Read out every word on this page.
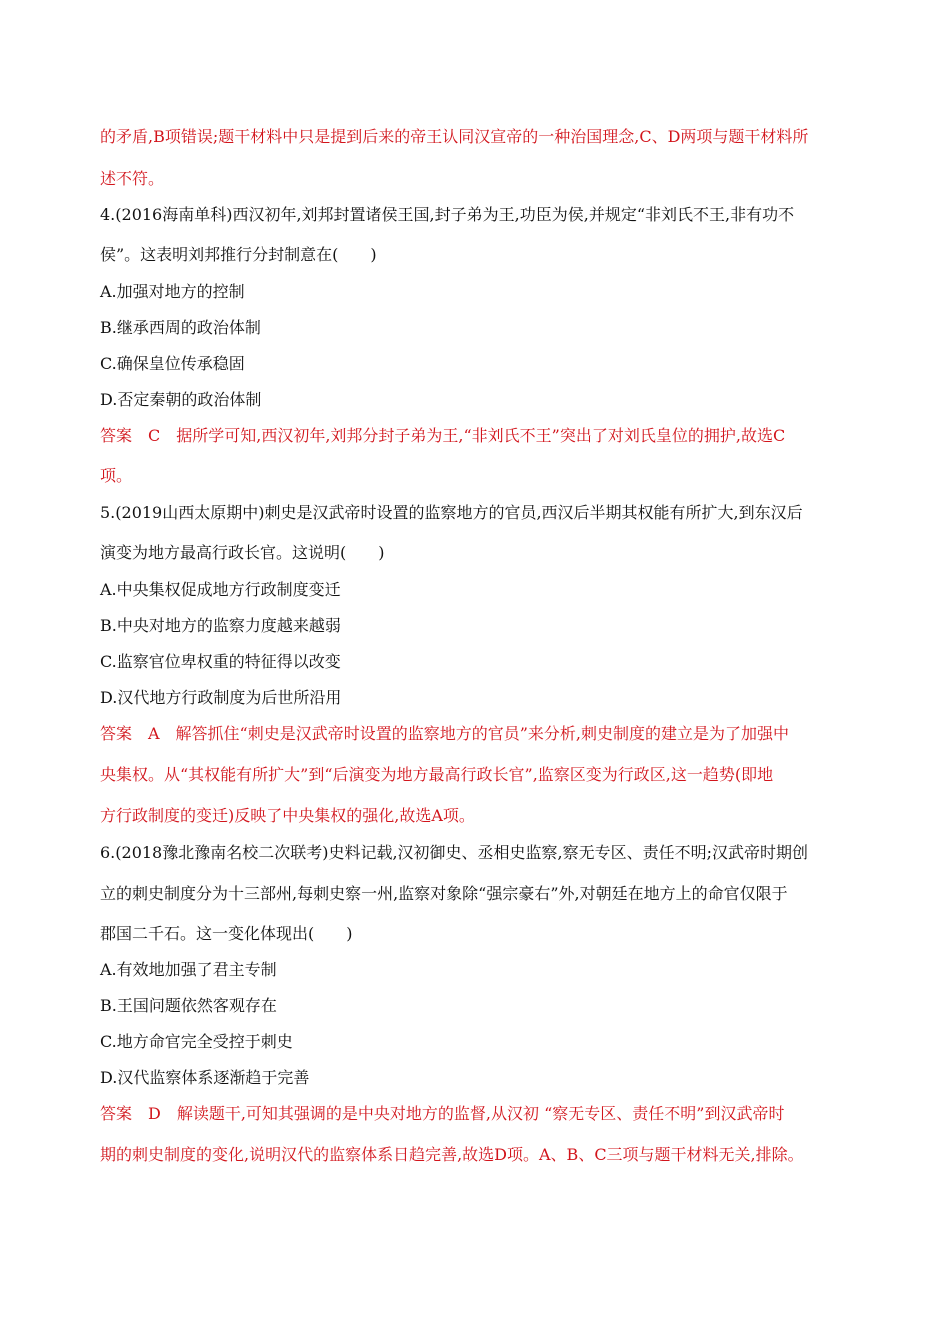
的矛盾,B项错误;题干材料中只是提到后来的帝王认同汉宣帝的一种治国理念,C、D两项与题干材料所
述不符。
4.(2016海南单科)西汉初年,刘邦封置诸侯王国,封子弟为王,功臣为侯,并规定“非刘氏不王,非有功不
侯”。这表明刘邦推行分封制意在(　　)
A.加强对地方的控制
B.继承西周的政治体制
C.确保皇位传承稳固
D.否定秦朝的政治体制
答案　C　据所学可知,西汉初年,刘邦分封子弟为王,“非刘氏不王”突出了对刘氏皇位的拥护,故选C
项。
5.(2019山西太原期中)刺史是汉武帝时设置的监察地方的官员,西汉后半期其权能有所扩大,到东汉后
演变为地方最高行政长官。这说明(　　)
A.中央集权促成地方行政制度变迁
B.中央对地方的监察力度越来越弱
C.监察官位卑权重的特征得以改变
D.汉代地方行政制度为后世所沿用
答案　A　解答抓住“刺史是汉武帝时设置的监察地方的官员”来分析,刺史制度的建立是为了加强中
央集权。从“其权能有所扩大”到“后演变为地方最高行政长官”,监察区变为行政区,这一趋势(即地
方行政制度的变迁)反映了中央集权的强化,故选A项。
6.(2018豫北豫南名校二次联考)史料记载,汉初御史、丞相史监察,察无专区、责任不明;汉武帝时期创
立的刺史制度分为十三部州,每刺史察一州,监察对象除“强宗豪右”外,对朝廷在地方上的命官仅限于
郡国二千石。这一变化体现出(　　)
A.有效地加强了君主专制
B.王国问题依然客观存在
C.地方命官完全受控于刺史
D.汉代监察体系逐渐趋于完善
答案　D　解读题干,可知其强调的是中央对地方的监督,从汉初 “察无专区、责任不明”到汉武帝时
期的刺史制度的变化,说明汉代的监察体系日趋完善,故选D项。A、B、C三项与题干材料无关,排除。
